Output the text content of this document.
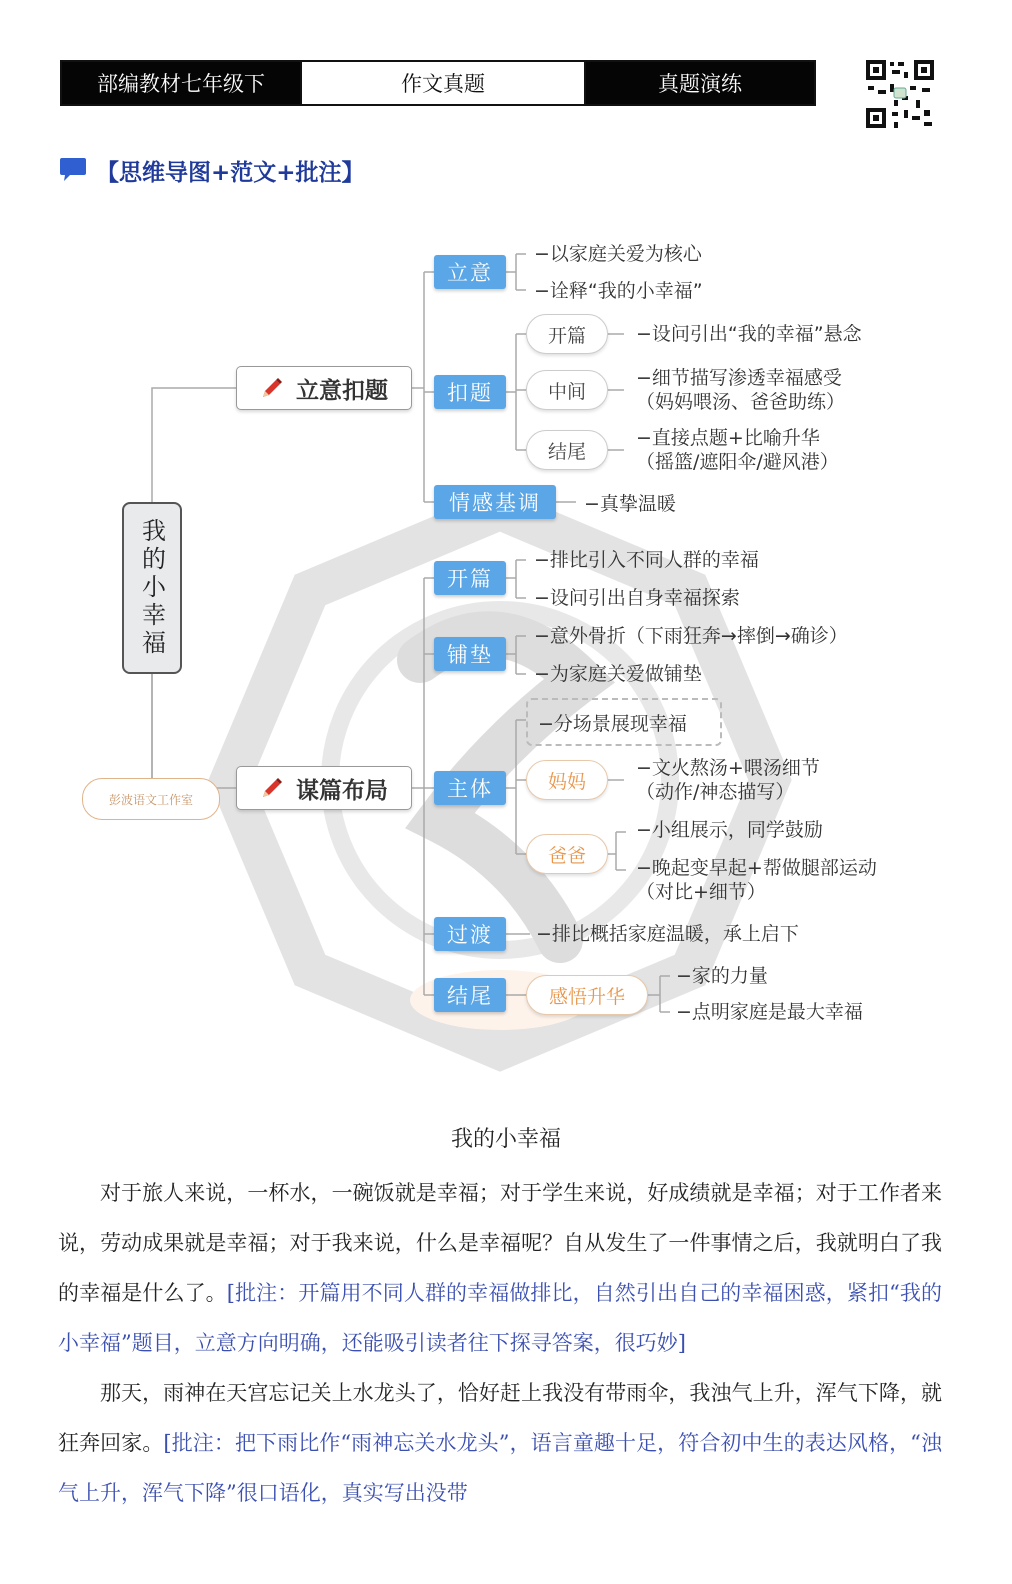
部编教材七年级下	作文真题	真题演练
【思维导图+范文+批注】
我的小幸福
彭波语文工作室
立意扣题
立意
−以家庭关爱为核心
−诠释“我的小幸福”
扣题
开篇	−设问引出“我的幸福”悬念
中间
−细节描写渗透幸福感受
（妈妈喂汤、爸爸助练）
结尾
−直接点题+比喻升华
（摇篮/遮阳伞/避风港）
情感基调	−真挚温暖
谋篇布局
开篇
−排比引入不同人群的幸福
−设问引出自身幸福探索
铺垫
−意外骨折（下雨狂奔→摔倒→确诊）
−为家庭关爱做铺垫
主体
−分场景展现幸福
妈妈
−文火熬汤+喂汤细节
（动作/神态描写）
爸爸
−小组展示，同学鼓励
−晚起变早起+帮做腿部运动
（对比+细节）
过渡	−排比概括家庭温暖，承上启下
结尾	感悟升华
−家的力量
−点明家庭是最大幸福
我的小幸福

对于旅人来说，一杯水，一碗饭就是幸福；对于学生来说，好成绩就是幸福；对于工作者来说，劳动成果就是幸福；对于我来说，什么是幸福呢？自从发生了一件事情之后，我就明白了我的幸福是什么了。[批注：开篇用不同人群的幸福做排比，自然引出自己的幸福困惑，紧扣“我的小幸福”题目，立意方向明确，还能吸引读者往下探寻答案，很巧妙]

那天，雨神在天宫忘记关上水龙头了，恰好赶上我没有带雨伞，我浊气上升，浑气下降，就狂奔回家。[批注：把下雨比作“雨神忘关水龙头”，语言童趣十足，符合初中生的表达风格，“浊气上升，浑气下降”很口语化，真实写出没带
